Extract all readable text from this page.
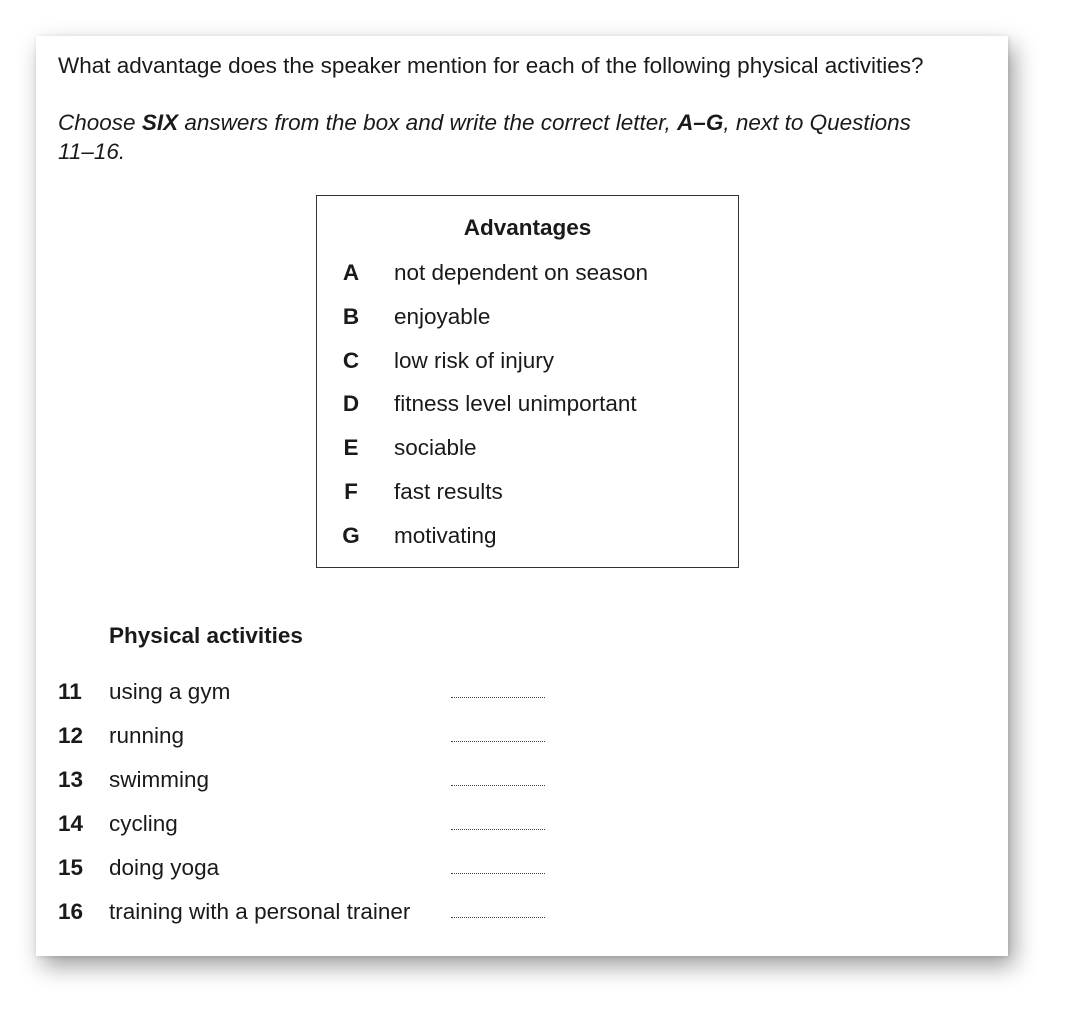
What advantage does the speaker mention for each of the following physical activities?
Choose SIX answers from the box and write the correct letter, A–G, next to Questions 11–16.
Advantages
A not dependent on season
B enjoyable
C low risk of injury
D fitness level unimportant
E sociable
F fast results
G motivating
Physical activities
11 using a gym
12 running
13 swimming
14 cycling
15 doing yoga
16 training with a personal trainer
